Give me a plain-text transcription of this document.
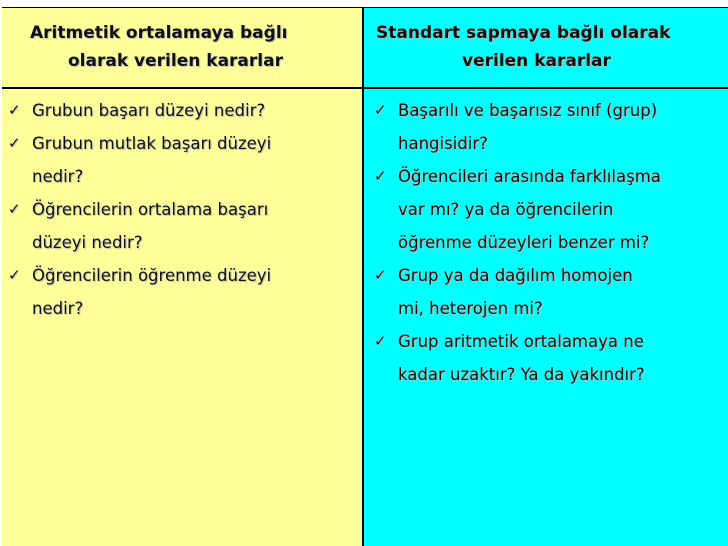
Aritmetik ortalamaya bağlı
olarak verilen kararlar
Standart sapmaya bağlı olarak
verilen kararlar
✓ Grubun başarı düzeyi nedir?
✓ Grubun mutlak başarı düzeyi
nedir?
✓ Öğrencilerin ortalama başarı
düzeyi nedir?
✓ Öğrencilerin öğrenme düzeyi
nedir?
✓ Başarılı ve başarısız sınıf (grup)
hangisidir?
✓ Öğrencileri arasında farklılaşma
var mı? ya da öğrencilerin
öğrenme düzeyleri benzer mi?
✓ Grup ya da dağılım homojen
mi, heterojen mi?
✓ Grup aritmetik ortalamaya ne
kadar uzaktır? Ya da yakındır?
